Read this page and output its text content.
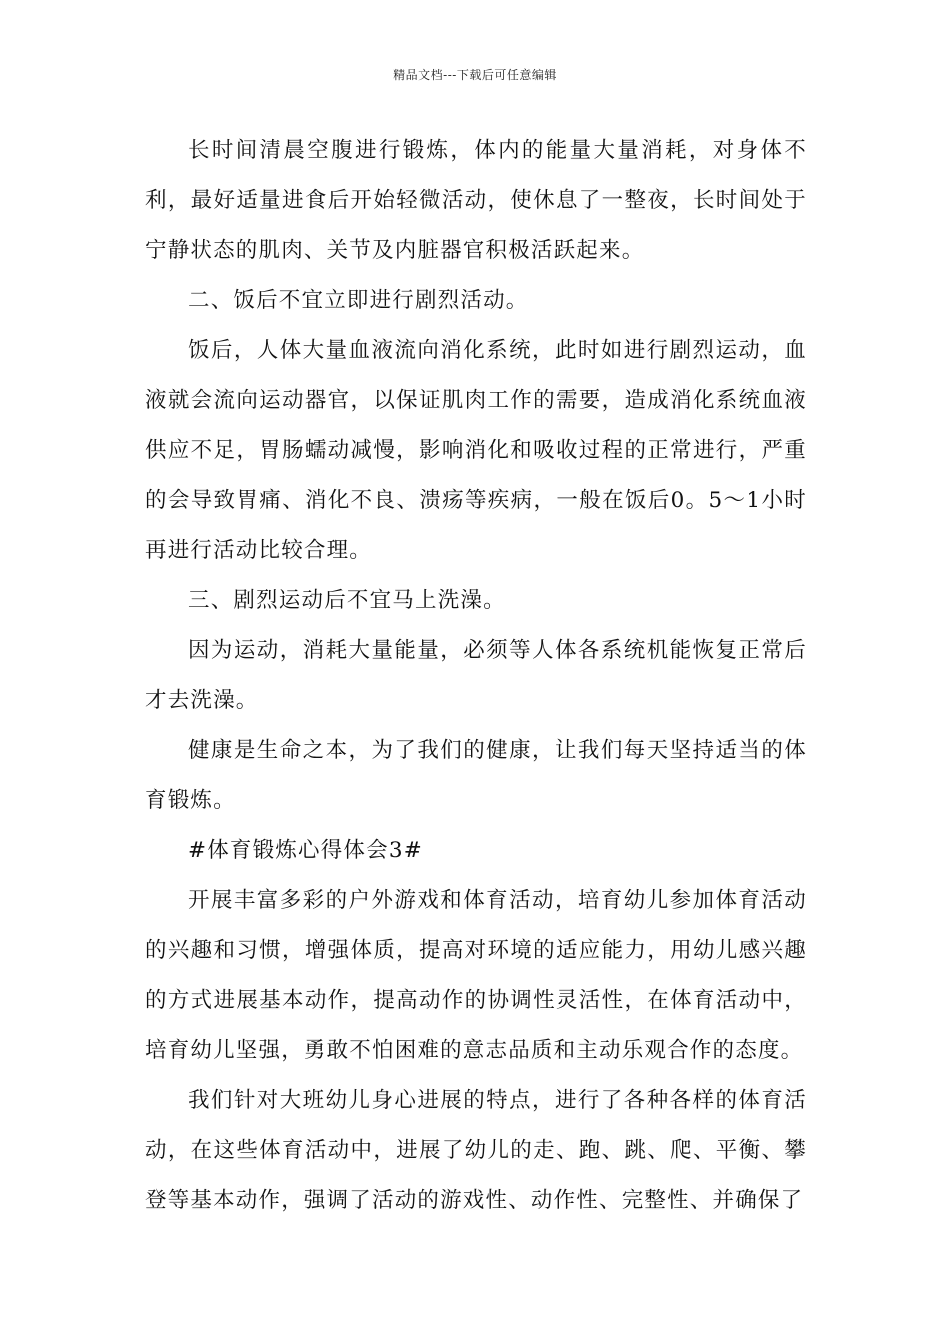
精品文档---下载后可任意编辑

长时间清晨空腹进行锻炼，体内的能量大量消耗，对身体不利，最好适量进食后开始轻微活动，使休息了一整夜，长时间处于宁静状态的肌肉、关节及内脏器官积极活跃起来。

二、饭后不宜立即进行剧烈活动。

饭后，人体大量血液流向消化系统，此时如进行剧烈运动，血液就会流向运动器官，以保证肌肉工作的需要，造成消化系统血液供应不足，胃肠蠕动减慢，影响消化和吸收过程的正常进行，严重的会导致胃痛、消化不良、溃疡等疾病，一般在饭后0。5～1小时再进行活动比较合理。

三、剧烈运动后不宜马上洗澡。

因为运动，消耗大量能量，必须等人体各系统机能恢复正常后才去洗澡。

健康是生命之本，为了我们的健康，让我们每天坚持适当的体育锻炼。

#体育锻炼心得体会3#

开展丰富多彩的户外游戏和体育活动，培育幼儿参加体育活动的兴趣和习惯，增强体质，提高对环境的适应能力，用幼儿感兴趣的方式进展基本动作，提高动作的协调性灵活性，在体育活动中，培育幼儿坚强，勇敢不怕困难的意志品质和主动乐观合作的态度。

我们针对大班幼儿身心进展的特点，进行了各种各样的体育活动，在这些体育活动中，进展了幼儿的走、跑、跳、爬、平衡、攀登等基本动作，强调了活动的游戏性、动作性、完整性、并确保了
